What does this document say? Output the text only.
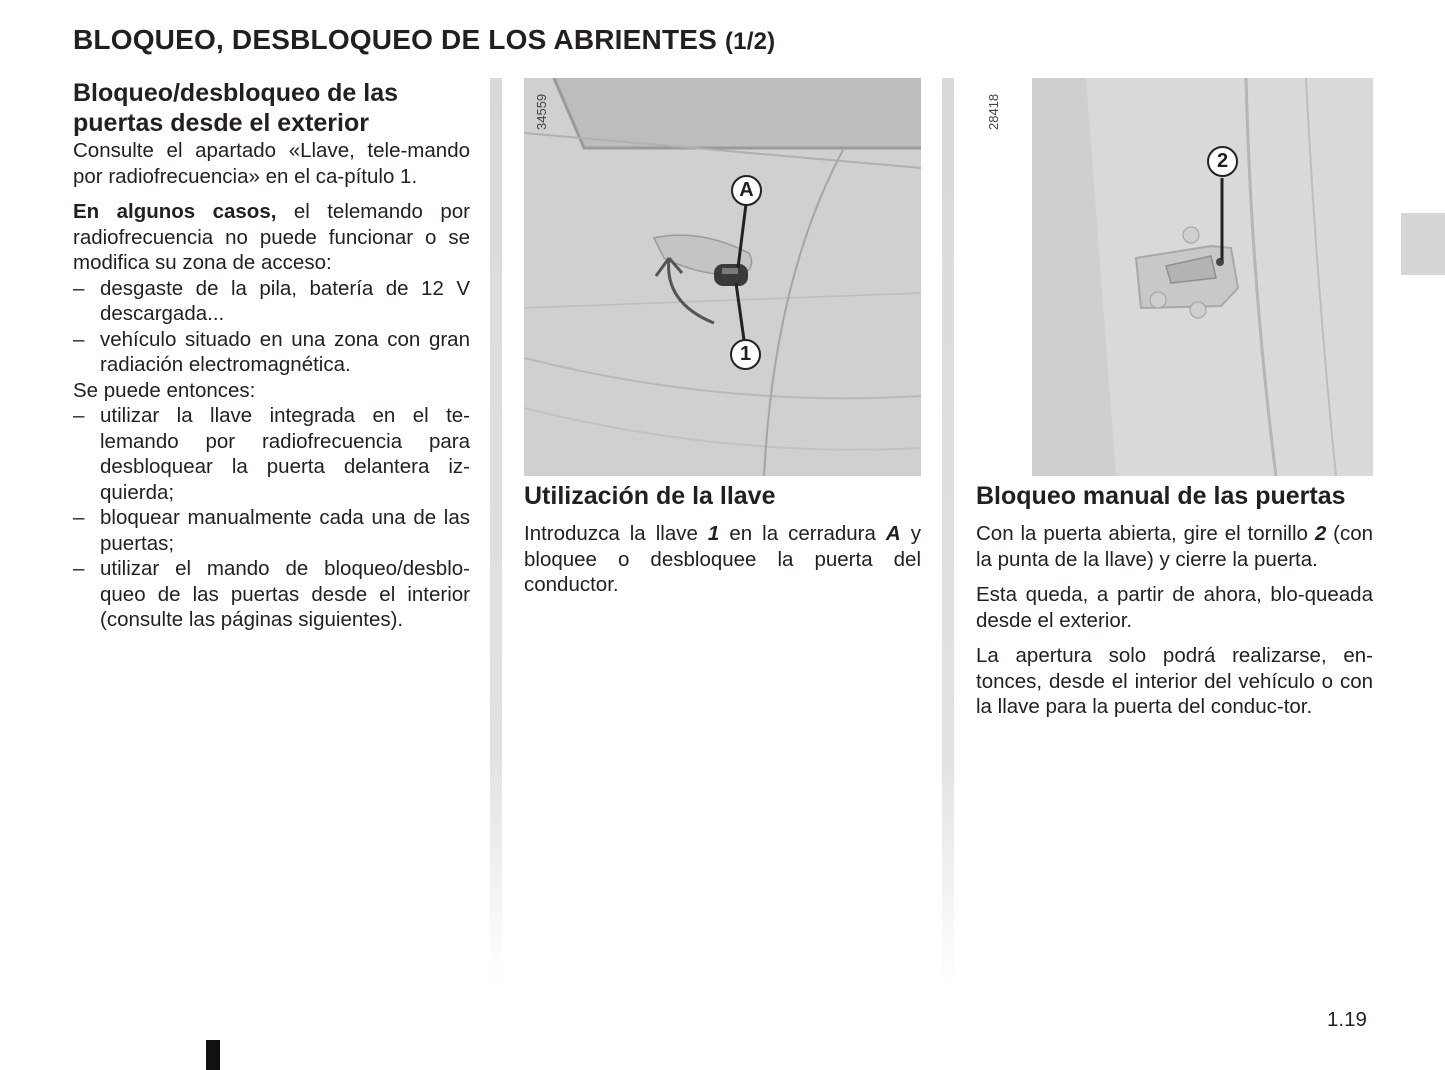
BLOQUEO, DESBLOQUEO DE LOS ABRIENTES (1/2)
Bloqueo/desbloqueo de las puertas desde el exterior

Consulte el apartado «Llave, tele-mando por radiofrecuencia» en el ca-pítulo 1.

En algunos casos, el telemando por radiofrecuencia no puede funcionar o se modifica su zona de acceso:

– desgaste de la pila, batería de 12 V descargada...
– vehículo situado en una zona con gran radiación electromagnética.

Se puede entonces:

– utilizar la llave integrada en el te-lemando por radiofrecuencia para desbloquear la puerta delantera iz-quierda;
– bloquear manualmente cada una de las puertas;
– utilizar el mando de bloqueo/desblo-queo de las puertas desde el interior (consulte las páginas siguientes).
34559
A
1
Utilización de la llave

Introduzca la llave 1 en la cerradura A y bloquee o desbloquee la puerta del conductor.

28418
2
Bloqueo manual de las puertas

Con la puerta abierta, gire el tornillo 2 (con la punta de la llave) y cierre la puerta.

Esta queda, a partir de ahora, blo-queada desde el exterior.

La apertura solo podrá realizarse, en-tonces, desde el interior del vehículo o con la llave para la puerta del conduc-tor.

1.19
